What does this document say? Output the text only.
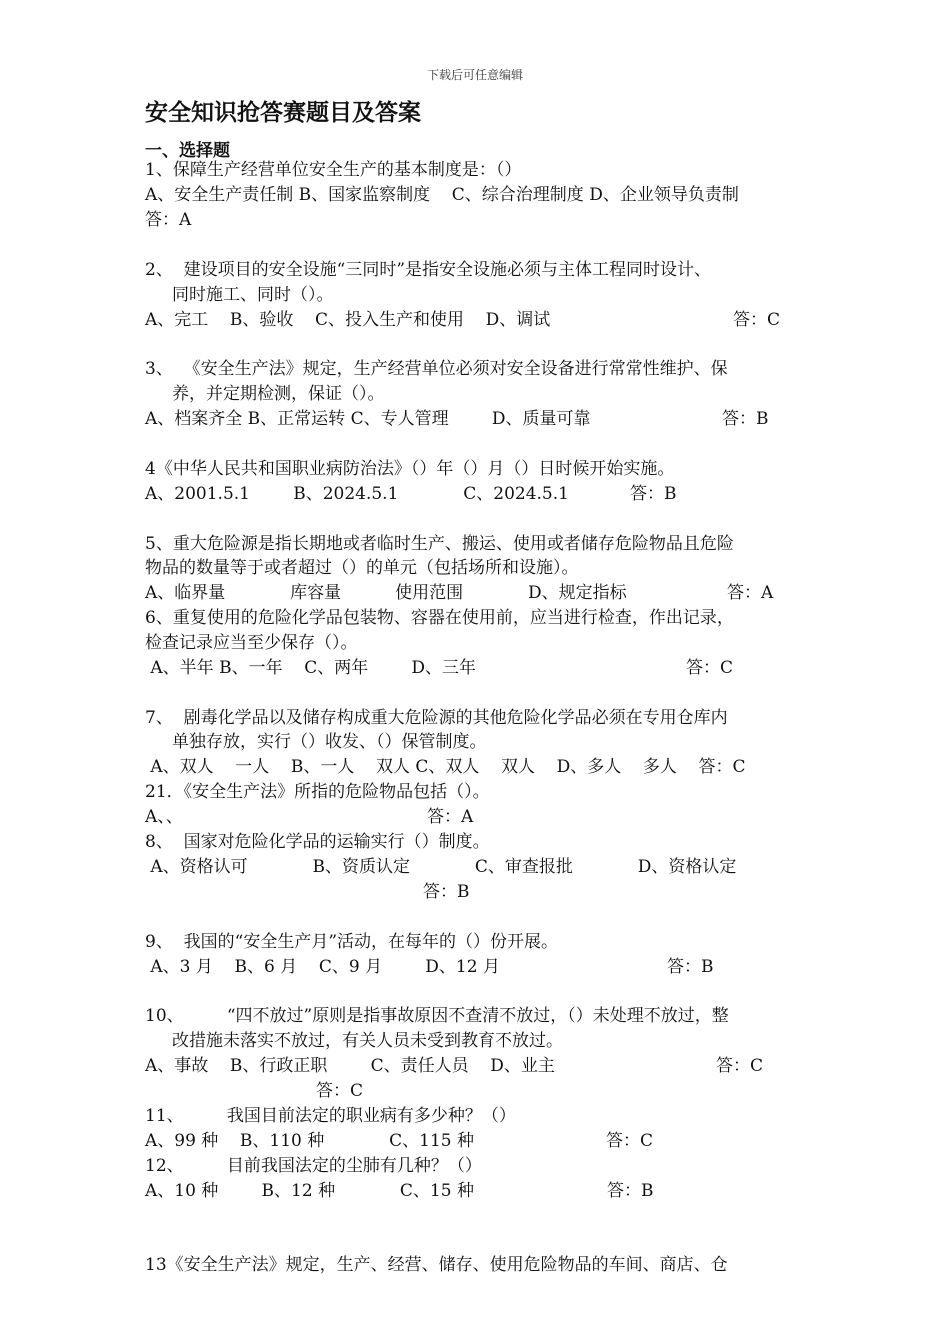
下载后可任意编辑
安全知识抢答赛题目及答案
一、选择题
1、保障生产经营单位安全生产的基本制度是：（）
A、安全生产责任制 B、国家监察制度    C、综合治理制度 D、企业领导负责制
答：A
2、  建设项目的安全设施“三同时”是指安全设施必须与主体工程同时设计、
同时施工、同时（）。
A、完工    B、验收    C、投入生产和使用    D、调试	答：C
3、  《安全生产法》规定，生产经营单位必须对安全设备进行常常性维护、保
养，并定期检测，保证（）。
A、档案齐全 B、正常运转 C、专人管理        D、质量可靠	答：B
4《中华人民共和国职业病防治法》（）年（）月（）日时候开始实施。
A、2001.5.1        B、2024.5.1            C、2024.5.1	答：B
5、重大危险源是指长期地或者临时生产、搬运、使用或者储存危险物品且危险
物品的数量等于或者超过（）的单元（包括场所和设施）。
A、临界量            库容量          使用范围            D、规定指标	答：A
6、重复使用的危险化学品包装物、容器在使用前，应当进行检查，作出记录，
检查记录应当至少保存（）。
A、半年 B、一年    C、两年        D、三年	答：C
7、  剧毒化学品以及储存构成重大危险源的其他危险化学品必须在专用仓库内
单独存放，实行（）收发、（）保管制度。
A、双人    一人    B、一人    双人 C、双人    双人    D、多人    多人    答：C
21．《安全生产法》所指的危险物品包括（）。
A、、	答：A
8、  国家对危险化学品的运输实行（）制度。
A、资格认可            B、资质认定            C、审查报批            D、资格认定
答：B
9、  我国的“安全生产月”活动，在每年的（）份开展。
A、3 月    B、6 月    C、9 月        D、12 月	答：B
10、        “四不放过”原则是指事故原因不查清不放过，（）未处理不放过，整
改措施未落实不放过，有关人员未受到教育不放过。
A、事故    B、行政正职        C、责任人员    D、业主	答：C
答：C
11、        我国目前法定的职业病有多少种？（）
A、99 种    B、110 种            C、115 种	答：C
12、        目前我国法定的尘肺有几种？（）
A、10 种        B、12 种            C、15 种	答：B
13《安全生产法》规定，生产、经营、储存、使用危险物品的车间、商店、仓
